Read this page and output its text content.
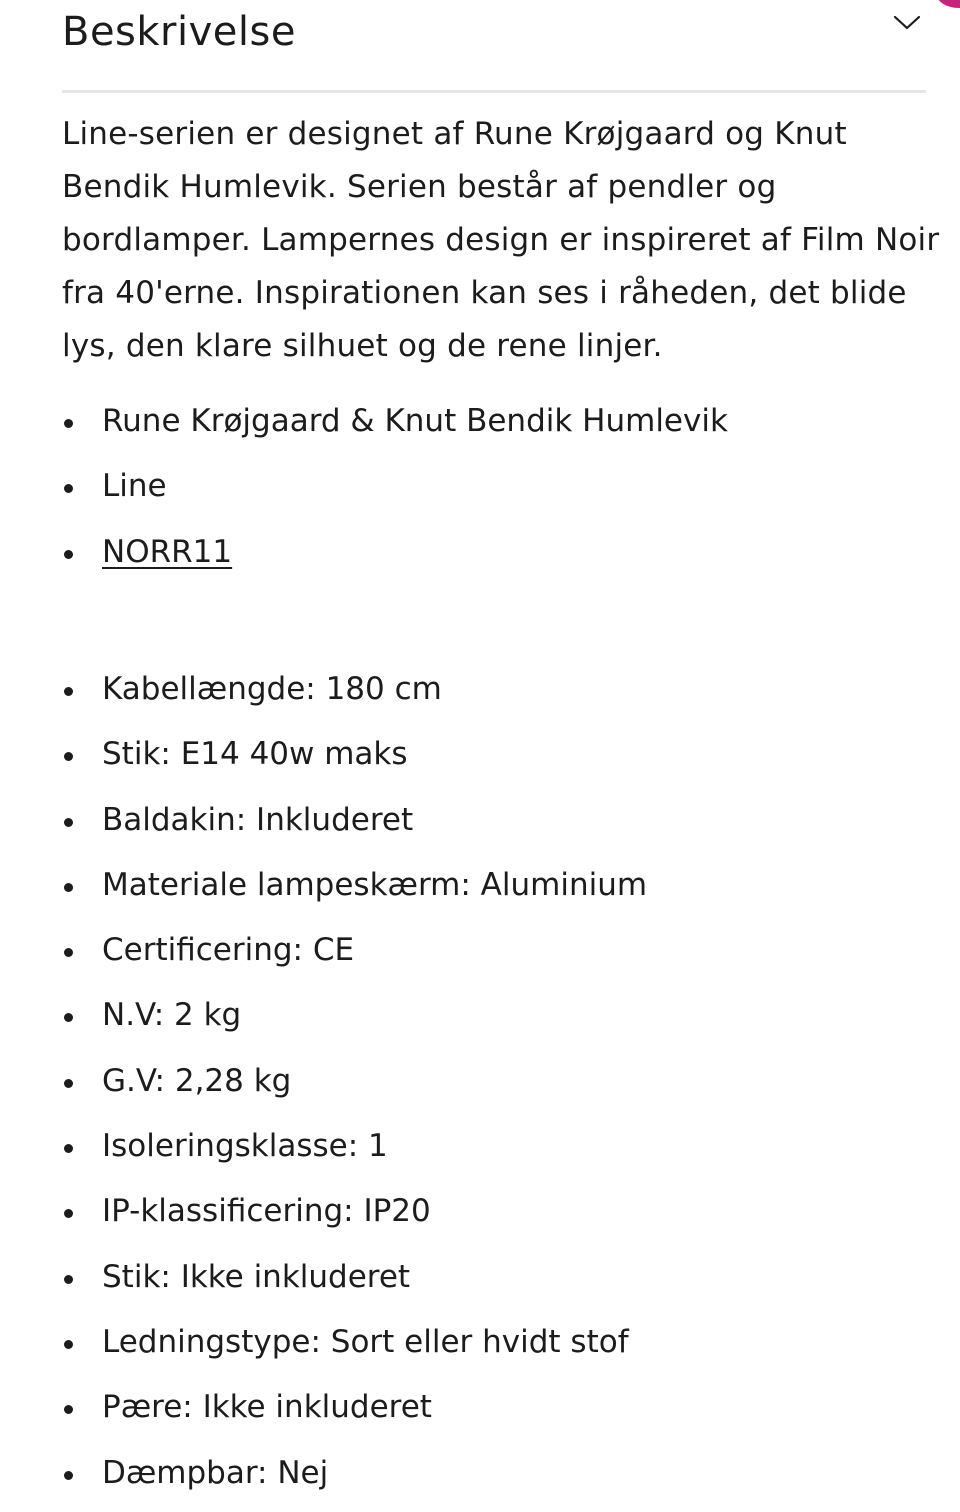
Beskrivelse

Line-serien er designet af Rune Krøjgaard og Knut Bendik Humlevik. Serien består af pendler og bordlamper. Lampernes design er inspireret af Film Noir fra 40'erne. Inspirationen kan ses i råheden, det blide lys, den klare silhuet og de rene linjer.

Rune Krøjgaard & Knut Bendik Humlevik
Line
NORR11
Kabellængde: 180 cm
Stik: E14 40w maks
Baldakin: Inkluderet
Materiale lampeskærm: Aluminium
Certificering: CE
N.V: 2 kg
G.V: 2,28 kg
Isoleringsklasse: 1
IP-klassificering: IP20
Stik: Ikke inkluderet
Ledningstype: Sort eller hvidt stof
Pære: Ikke inkluderet
Dæmpbar: Nej
